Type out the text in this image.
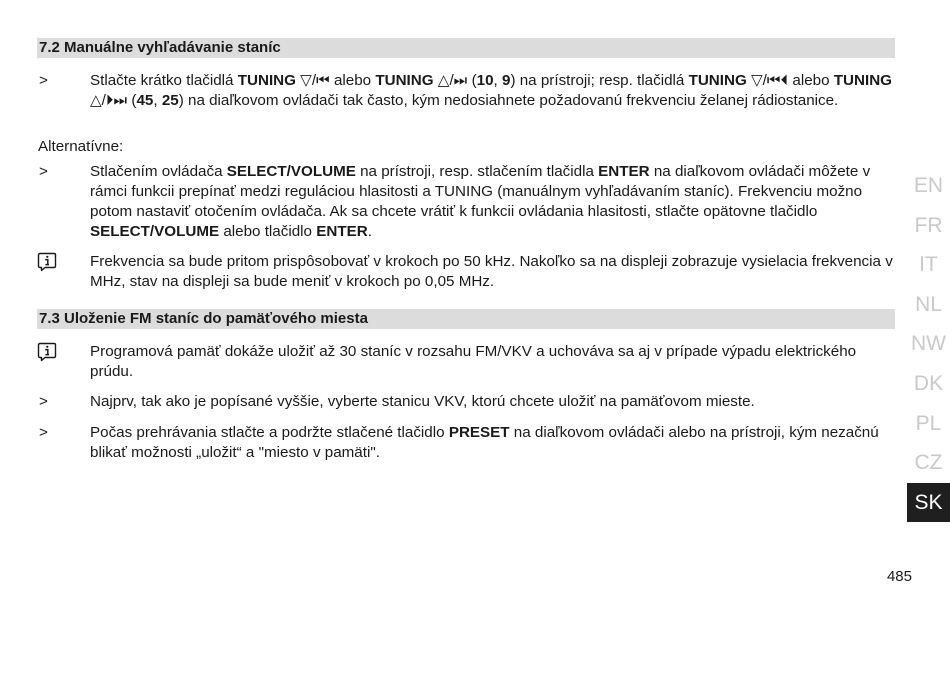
7.2 Manuálne vyhľadávanie staníc
>	Stlačte krátko tlačidlá TUNING ▽/⏮ alebo TUNING △/⏭ (10, 9) na prístroji; resp. tlačidlá TUNING ▽/⏮⏴ alebo TUNING △/⏵⏭ (45, 25) na diaľkovom ovládači tak často, kým nedosiahnete požadovanú frekvenciu želanej rádiostanice.
Alternatívne:
>	Stlačením ovládača SELECT/VOLUME na prístroji, resp. stlačením tlačidla ENTER na diaľkovom ovládači môžete v rámci funkcii prepínať medzi reguláciou hlasitosti a TUNING (manuálnym vyhľadávaním staníc). Frekvenciu možno potom nastaviť otočením ovládača. Ak sa chcete vrátiť k funkcii ovládania hlasitosti, stlačte opätovne tlačidlo SELECT/VOLUME alebo tlačidlo ENTER.
Frekvencia sa bude pritom prispôsobovať v krokoch po 50 kHz. Nakoľko sa na displeji zobrazuje vysielacia frekvencia v MHz, stav na displeji sa bude meniť v krokoch po 0,05 MHz.
7.3 Uloženie FM staníc do pamäťového miesta
Programová pamäť dokáže uložiť až 30 staníc v rozsahu FM/VKV a uchováva sa aj v prípade výpadu elektrického prúdu.
>	Najprv, tak ako je popísané vyššie, vyberte stanicu VKV, ktorú chcete uložiť na pamäťovom mieste.
>	Počas prehrávania stlačte a podržte stlačené tlačidlo PRESET na diaľkovom ovládači alebo na prístroji, kým nezačnú blikať možnosti „uložit“ a "miesto v pamäti".
EN
FR
IT
NL
NW
DK
PL
CZ
SK
485
